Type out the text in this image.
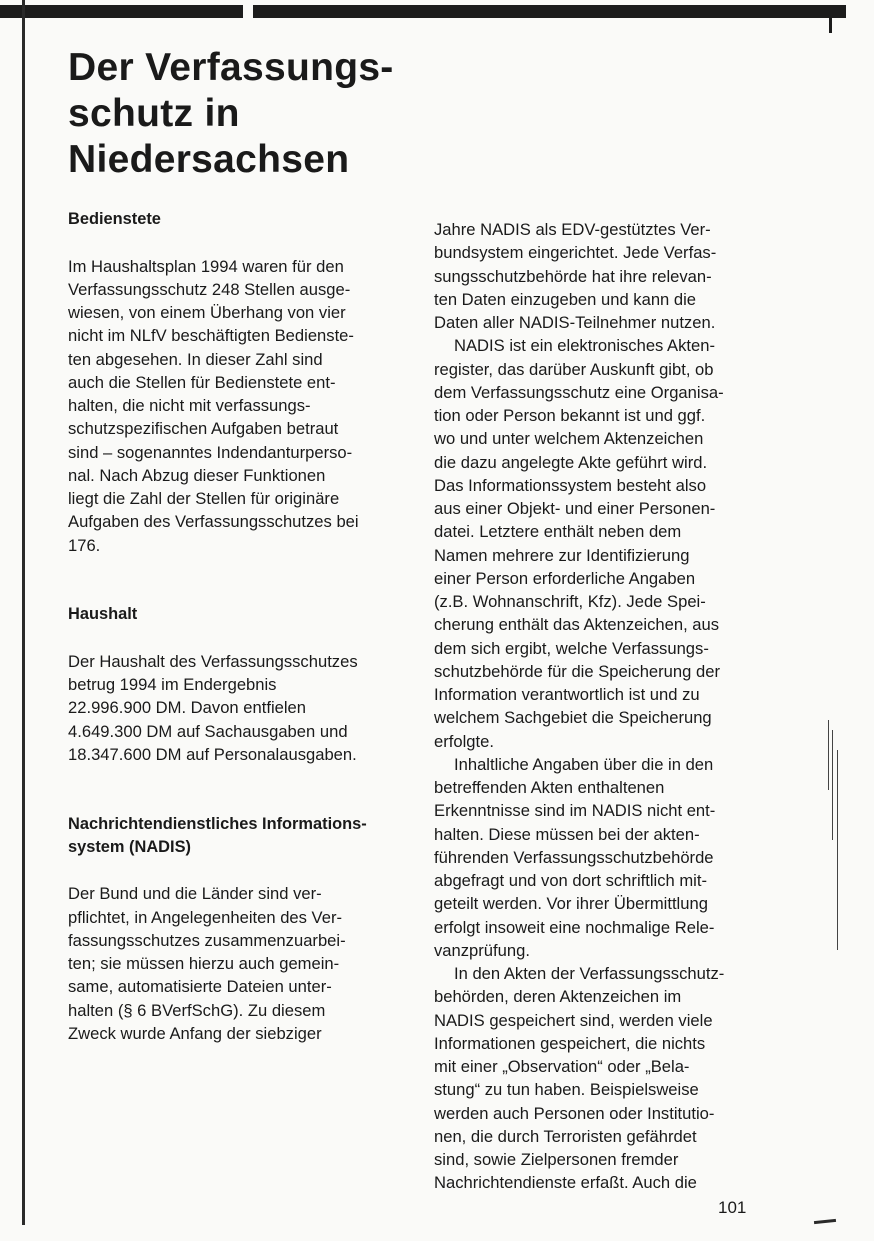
Der Verfassungs-
schutz in
Niedersachsen

Bedienstete

Im Haushaltsplan 1994 waren für den
Verfassungsschutz 248 Stellen ausge-
wiesen, von einem Überhang von vier
nicht im NLfV beschäftigten Bedienste-
ten abgesehen. In dieser Zahl sind
auch die Stellen für Bedienstete ent-
halten, die nicht mit verfassungs-
schutzspezifischen Aufgaben betraut
sind – sogenanntes Indendanturperso-
nal. Nach Abzug dieser Funktionen
liegt die Zahl der Stellen für originäre
Aufgaben des Verfassungsschutzes bei
176.

Haushalt

Der Haushalt des Verfassungsschutzes
betrug 1994 im Endergebnis
22.996.900 DM. Davon entfielen
4.649.300 DM auf Sachausgaben und
18.347.600 DM auf Personalausgaben.

Nachrichtendienstliches Informations-
system (NADIS)

Der Bund und die Länder sind ver-
pflichtet, in Angelegenheiten des Ver-
fassungsschutzes zusammenzuarbei-
ten; sie müssen hierzu auch gemein-
same, automatisierte Dateien unter-
halten (§ 6 BVerfSchG). Zu diesem
Zweck wurde Anfang der siebziger

Jahre NADIS als EDV-gestütztes Ver-
bundsystem eingerichtet. Jede Verfas-
sungsschutzbehörde hat ihre relevan-
ten Daten einzugeben und kann die
Daten aller NADIS-Teilnehmer nutzen.

NADIS ist ein elektronisches Akten-
register, das darüber Auskunft gibt, ob
dem Verfassungsschutz eine Organisa-
tion oder Person bekannt ist und ggf.
wo und unter welchem Aktenzeichen
die dazu angelegte Akte geführt wird.
Das Informationssystem besteht also
aus einer Objekt- und einer Personen-
datei. Letztere enthält neben dem
Namen mehrere zur Identifizierung
einer Person erforderliche Angaben
(z.B. Wohnanschrift, Kfz). Jede Spei-
cherung enthält das Aktenzeichen, aus
dem sich ergibt, welche Verfassungs-
schutzbehörde für die Speicherung der
Information verantwortlich ist und zu
welchem Sachgebiet die Speicherung
erfolgte.

Inhaltliche Angaben über die in den
betreffenden Akten enthaltenen
Erkenntnisse sind im NADIS nicht ent-
halten. Diese müssen bei der akten-
führenden Verfassungsschutzbehörde
abgefragt und von dort schriftlich mit-
geteilt werden. Vor ihrer Übermittlung
erfolgt insoweit eine nochmalige Rele-
vanzprüfung.

In den Akten der Verfassungsschutz-
behörden, deren Aktenzeichen im
NADIS gespeichert sind, werden viele
Informationen gespeichert, die nichts
mit einer „Observation“ oder „Bela-
stung“ zu tun haben. Beispielsweise
werden auch Personen oder Institutio-
nen, die durch Terroristen gefährdet
sind, sowie Zielpersonen fremder
Nachrichtendienste erfaßt. Auch die

101
